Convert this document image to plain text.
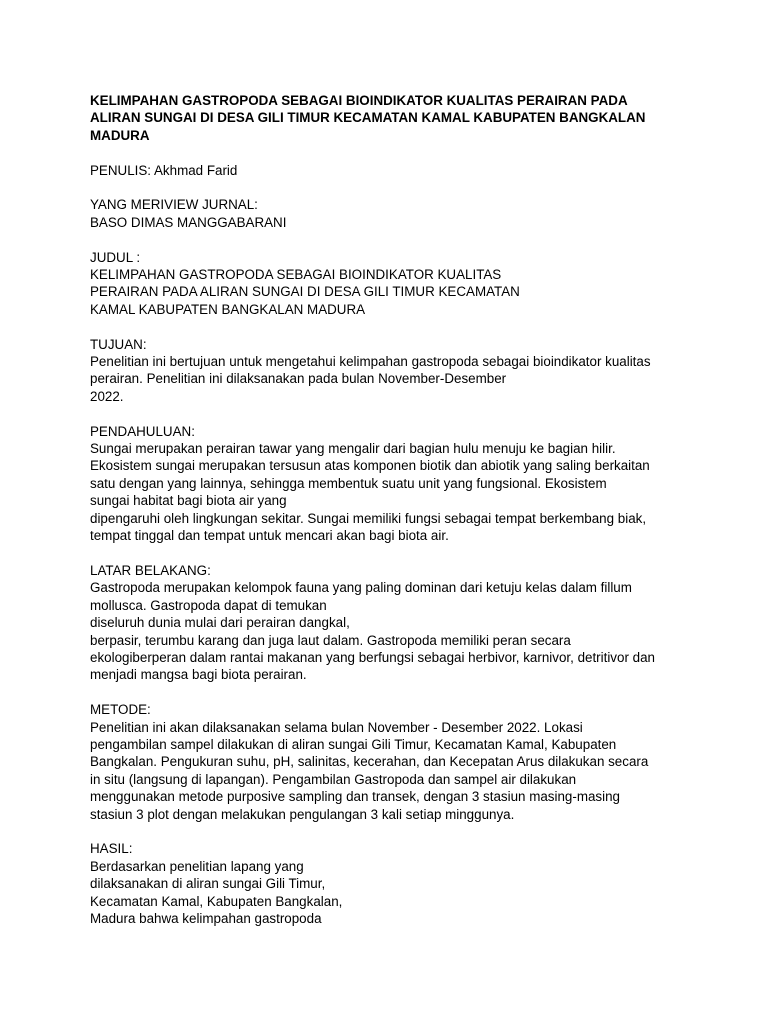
KELIMPAHAN GASTROPODA SEBAGAI BIOINDIKATOR KUALITAS PERAIRAN PADA
ALIRAN SUNGAI DI DESA GILI TIMUR KECAMATAN KAMAL KABUPATEN BANGKALAN
MADURA
PENULIS: Akhmad Farid
YANG MERIVIEW JURNAL:
BASO DIMAS MANGGABARANI
JUDUL :
KELIMPAHAN GASTROPODA SEBAGAI BIOINDIKATOR KUALITAS
PERAIRAN PADA ALIRAN SUNGAI DI DESA GILI TIMUR KECAMATAN
KAMAL KABUPATEN BANGKALAN MADURA
TUJUAN:
Penelitian ini bertujuan untuk mengetahui kelimpahan gastropoda sebagai bioindikator kualitas
perairan. Penelitian ini dilaksanakan pada bulan November-Desember
2022.
PENDAHULUAN:
Sungai merupakan perairan tawar yang mengalir dari bagian hulu menuju ke bagian hilir.
Ekosistem sungai merupakan tersusun atas komponen biotik dan abiotik yang saling berkaitan
satu dengan yang lainnya, sehingga membentuk suatu unit yang fungsional. Ekosistem
sungai habitat bagi biota air yang
dipengaruhi oleh lingkungan sekitar. Sungai memiliki fungsi sebagai tempat berkembang biak,
tempat tinggal dan tempat untuk mencari akan bagi biota air.
LATAR BELAKANG:
Gastropoda merupakan kelompok fauna yang paling dominan dari ketuju kelas dalam fillum
mollusca. Gastropoda dapat di temukan
diseluruh dunia mulai dari perairan dangkal,
berpasir, terumbu karang dan juga laut dalam. Gastropoda memiliki peran secara
ekologiberperan dalam rantai makanan yang berfungsi sebagai herbivor, karnivor, detritivor dan
menjadi mangsa bagi biota perairan.
METODE:
Penelitian ini akan dilaksanakan selama bulan November - Desember 2022. Lokasi
pengambilan sampel dilakukan di aliran sungai Gili Timur, Kecamatan Kamal, Kabupaten
Bangkalan. Pengukuran suhu, pH, salinitas, kecerahan, dan Kecepatan Arus dilakukan secara
in situ (langsung di lapangan). Pengambilan Gastropoda dan sampel air dilakukan
menggunakan metode purposive sampling dan transek, dengan 3 stasiun masing-masing
stasiun 3 plot dengan melakukan pengulangan 3 kali setiap minggunya.
HASIL:
Berdasarkan penelitian lapang yang
dilaksanakan di aliran sungai Gili Timur,
Kecamatan Kamal, Kabupaten Bangkalan,
Madura bahwa kelimpahan gastropoda
